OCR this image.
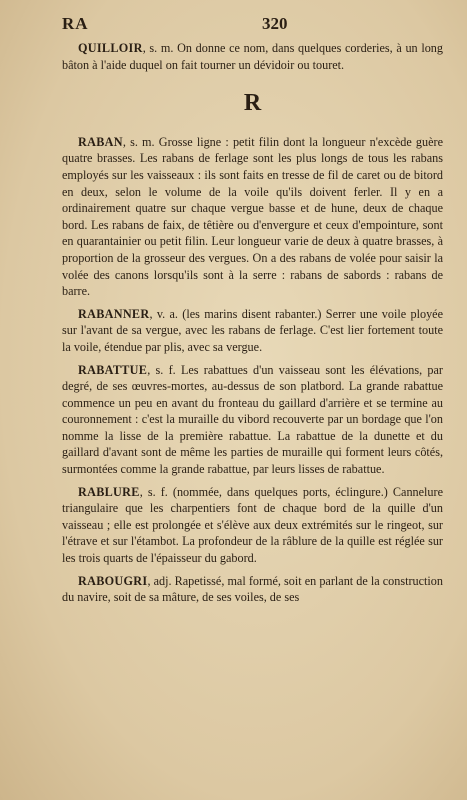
RA	320

QUILLOIR, s. m. On donne ce nom, dans quelques corderies, à un long bâton à l'aide duquel on fait tourner un dévidoir ou touret.

R

RABAN, s. m. Grosse ligne : petit filin dont la longueur n'excède guère quatre brasses. Les rabans de ferlage sont les plus longs de tous les rabans employés sur les vaisseaux : ils sont faits en tresse de fil de caret ou de bitord en deux, selon le volume de la voile qu'ils doivent ferler. Il y en a ordinairement quatre sur chaque vergue basse et de hune, deux de chaque bord. Les rabans de faix, de têtière ou d'envergure et ceux d'empointure, sont en quarantainier ou petit filin. Leur longueur varie de deux à quatre brasses, à proportion de la grosseur des vergues. On a des rabans de volée pour saisir la volée des canons lorsqu'ils sont à la serre : rabans de sabords : rabans de barre.

RABANNER, v. a. (les marins disent rabanter.) Serrer une voile ployée sur l'avant de sa vergue, avec les rabans de ferlage. C'est lier fortement toute la voile, étendue par plis, avec sa vergue.

RABATTUE, s. f. Les rabattues d'un vaisseau sont les élévations, par degré, de ses œuvres-mortes, au-dessus de son platbord. La grande rabattue commence un peu en avant du fronteau du gaillard d'arrière et se termine au couronnement : c'est la muraille du vibord recouverte par un bordage que l'on nomme la lisse de la première rabattue. La rabattue de la dunette et du gaillard d'avant sont de même les parties de muraille qui forment leurs côtés, surmontées comme la grande rabattue, par leurs lisses de rabattue.

RABLURE, s. f. (nommée, dans quelques ports, éclingure.) Cannelure triangulaire que les charpentiers font de chaque bord de la quille d'un vaisseau ; elle est prolongée et s'élève aux deux extrémités sur le ringeot, sur l'étrave et sur l'étambot. La profondeur de la râblure de la quille est réglée sur les trois quarts de l'épaisseur du gabord.

RABOUGRI, adj. Rapetissé, mal formé, soit en parlant de la construction du navire, soit de sa mâture, de ses voiles, de ses
